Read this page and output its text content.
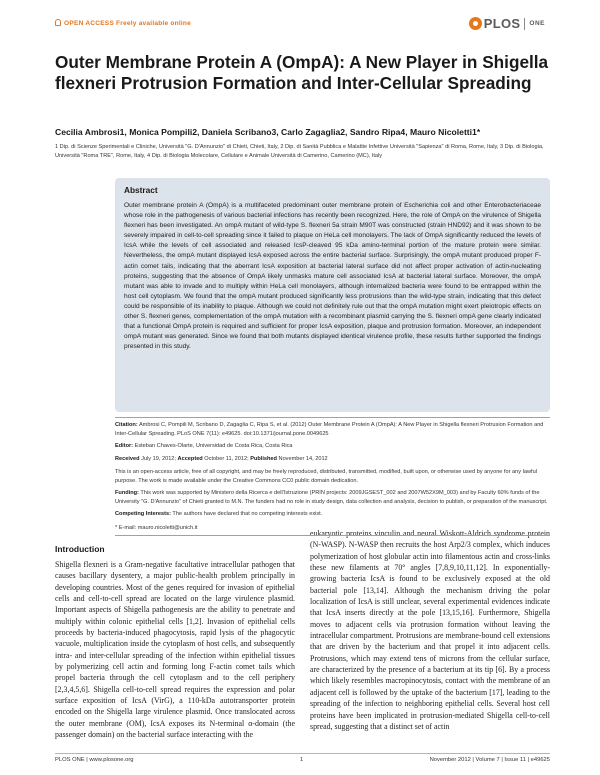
OPEN ACCESS Freely available online	PLOS ONE
Outer Membrane Protein A (OmpA): A New Player in Shigella flexneri Protrusion Formation and Inter-Cellular Spreading
Cecilia Ambrosi1, Monica Pompili2, Daniela Scribano3, Carlo Zagaglia2, Sandro Ripa4, Mauro Nicoletti1*
1 Dip. di Scienze Sperimentali e Cliniche, Università "G. D'Annunzio" di Chieti, Chieti, Italy, 2 Dip. di Sanità Pubblica e Malattie Infettive Università "Sapienza" di Roma, Rome, Italy, 3 Dip. di Biologia, Università "Roma TRE", Rome, Italy, 4 Dip. di Biologia Molecolare, Cellulare e Animale Università di Camerino, Camerino (MC), Italy
Abstract

Outer membrane protein A (OmpA) is a multifaceted predominant outer membrane protein of Escherichia coli and other Enterobacteriaceae whose role in the pathogenesis of various bacterial infections has recently been recognized. Here, the role of OmpA on the virulence of Shigella flexneri has been investigated. An ompA mutant of wild-type S. flexneri 5a strain M90T was constructed (strain HND92) and it was shown to be severely impaired in cell-to-cell spreading since it failed to plaque on HeLa cell monolayers. The lack of OmpA significantly reduced the levels of IcsA while the levels of cell associated and released IcsP-cleaved 95 kDa amino-terminal portion of the mature protein were similar. Nevertheless, the ompA mutant displayed IcsA exposed across the entire bacterial surface. Surprisingly, the ompA mutant produced proper F-actin comet tails, indicating that the aberrant IcsA exposition at bacterial lateral surface did not affect proper activation of actin-nucleating proteins, suggesting that the absence of OmpA likely unmasks mature cell associated IcsA at bacterial lateral surface. Moreover, the ompA mutant was able to invade and to multiply within HeLa cell monolayers, although internalized bacteria were found to be entrapped within the host cell cytoplasm. We found that the ompA mutant produced significantly less protrusions than the wild-type strain, indicating that this defect could be responsible of its inability to plaque. Although we could not definitely rule out that the ompA mutation might exert pleiotropic effects on other S. flexneri genes, complementation of the ompA mutation with a recombinant plasmid carrying the S. flexneri ompA gene clearly indicated that a functional OmpA protein is required and sufficient for proper IcsA exposition, plaque and protrusion formation. Moreover, an independent ompA mutant was generated. Since we found that both mutants displayed identical virulence profile, these results further supported the findings presented in this study.

Citation: Ambrosi C, Pompili M, Scribano D, Zagaglia C, Ripa S, et al. (2012) Outer Membrane Protein A (OmpA): A New Player in Shigella flexneri Protrusion Formation and Inter-Cellular Spreading. PLoS ONE 7(11): e49625. doi:10.1371/journal.pone.0049625
Editor: Esteban Chaves-Olarte, Universidad de Costa Rica, Costa Rica
Received July 19, 2012; Accepted October 11, 2012; Published November 14, 2012
This is an open-access article, free of all copyright, and may be freely reproduced, distributed, transmitted, modified, built upon, or otherwise used by anyone for any lawful purpose. The work is made available under the Creative Commons CC0 public domain dedication.
Funding: This work was supported by Ministero della Ricerca e dell'Istruzione (PRIN projects: 2009JGSEST_002 and 2007W52X9M_003) and by Faculty 60% funds of the University "G. D'Annunzio" of Chieti granted to M.N. The funders had no role in study design, data collection and analysis, decision to publish, or preparation of the manuscript.
Introduction
Shigella flexneri is a Gram-negative facultative intracellular pathogen that causes bacillary dysentery, a major public-health problem principally in developing countries. Most of the genes required for invasion of epithelial cells and cell-to-cell spread are located on the large virulence plasmid. Important aspects of Shigella pathogenesis are the ability to penetrate and multiply within colonic epithelial cells [1,2]. Invasion of epithelial cells proceeds by bacteria-induced phagocytosis, rapid lysis of the phagocytic vacuole, multiplication inside the cytoplasm of host cells, and subsequently intra- and inter-cellular spreading of the infection within epithelial tissues by polymerizing cell actin and forming long F-actin comet tails which propel bacteria through the cell cytoplasm and to the cell periphery [2,3,4,5,6]. Shigella cell-to-cell spread requires the expression and polar surface exposition of IcsA (VirG), a 110-kDa autotransporter protein encoded on the Shigella large virulence plasmid. Once translocated across the outer membrane (OM), IcsA exposes its N-terminal α-domain (the passenger domain) on the bacterial surface interacting with the
eukaryotic proteins vinculin and neural Wiskott-Aldrich syndrome protein (N-WASP). N-WASP then recruits the host Arp2/3 complex, which induces polymerization of host globular actin into filamentous actin and cross-links these new filaments at 70° angles [7,8,9,10,11,12]. In exponentially-growing bacteria IcsA is found to be exclusively exposed at the old bacterial pole [13,14]. Although the mechanism driving the polar localization of IcsA is still unclear, several experimental evidences indicate that IcsA inserts directly at the pole [13,15,16]. Furthermore, Shigella moves to adjacent cells via protrusion formation without leaving the intracellular compartment. Protrusions are membrane-bound cell extensions that are driven by the bacterium and that propel it into adjacent cells. Protrusions, which may extend tens of microns from the cellular surface, are characterized by the presence of a bacterium at its tip [6]. By a process which likely resembles macropinocytosis, contact with the membrane of an adjacent cell is followed by the uptake of the bacterium [17], leading to the spreading of the infection to neighboring epithelial cells. Several host cell proteins have been implicated in protrusion-mediated Shigella cell-to-cell spread, suggesting that a distinct set of actin
PLOS ONE | www.plosone.org	1	November 2012 | Volume 7 | Issue 11 | e49625
Competing Interests: The authors have declared that no competing interests exist.
* E-mail: mauro.nicoletti@unich.it
